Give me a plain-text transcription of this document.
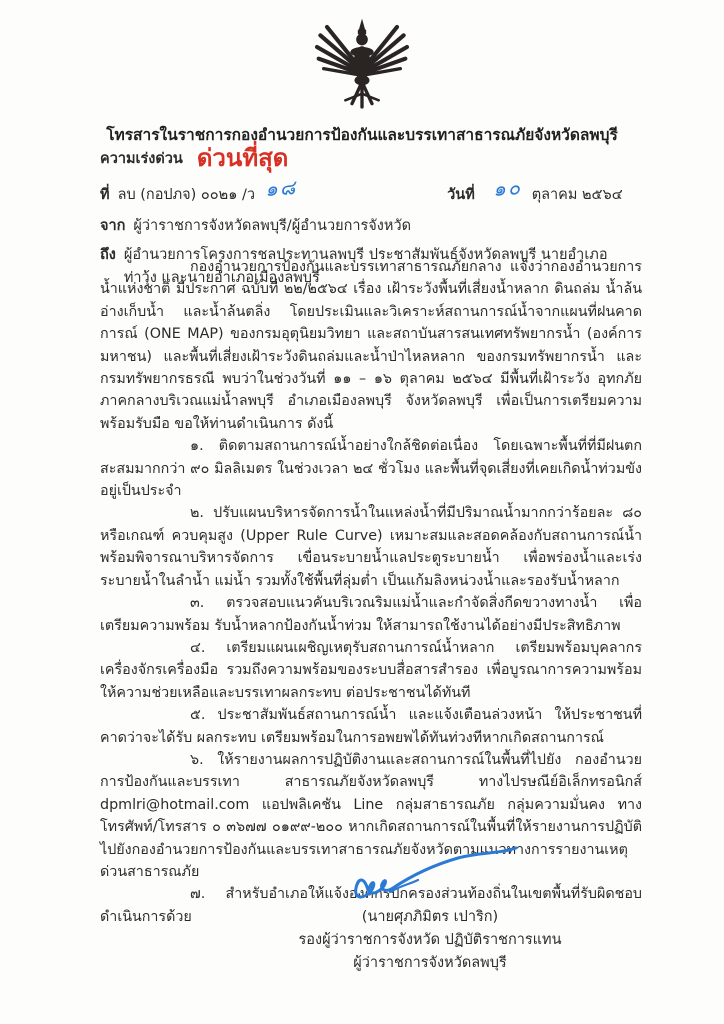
โทรสารในราชการกองอำนวยการป้องกันและบรรเทาสาธารณภัยจังหวัดลพบุรี
ความเร่งด่วน ด่วนที่สุด
ที่ ลบ (กอปภจ) ๐๐๒๑ /ว ๑๘	วันที่ ๑๐ ตุลาคม ๒๕๖๔
จาก ผู้ว่าราชการจังหวัดลพบุรี/ผู้อำนวยการจังหวัด
ถึง ผู้อำนวยการโครงการชลประทานลพบุรี ประชาสัมพันธ์จังหวัดลพบุรี นายอำเภอท่าวุ้ง และนายอำเภอเมืองลพบุรี

กองอำนวยการป้องกันและบรรเทาสาธารณภัยกลาง แจ้งว่ากองอำนวยการน้ำแห่งชาติ มีประกาศ ฉบับที่ ๒๒/๒๕๖๔ เรื่อง เฝ้าระวังพื้นที่เสี่ยงน้ำหลาก ดินถล่ม น้ำล้นอ่างเก็บน้ำ และน้ำล้นตลิ่ง โดยประเมินและวิเคราะห์สถานการณ์น้ำจากแผนที่ฝนคาดการณ์ (ONE MAP) ของกรมอุตุนิยมวิทยา และสถาบันสารสนเทศทรัพยากรน้ำ (องค์การมหาชน) และพื้นที่เสี่ยงเฝ้าระวังดินถล่มและน้ำป่าไหลหลาก ของกรมทรัพยากรน้ำ และกรมทรัพยากรธรณี พบว่าในช่วงวันที่ ๑๑ – ๑๖ ตุลาคม ๒๕๖๔ มีพื้นที่เฝ้าระวัง อุทกภัย ภาคกลางบริเวณแม่น้ำลพบุรี อำเภอเมืองลพบุรี จังหวัดลพบุรี เพื่อเป็นการเตรียมความพร้อมรับมือ ขอให้ท่านดำเนินการ ดังนี้

๑. ติดตามสถานการณ์น้ำอย่างใกล้ชิดต่อเนื่อง โดยเฉพาะพื้นที่ที่มีฝนตกสะสมมากกว่า ๙๐ มิลลิเมตร ในช่วงเวลา ๒๔ ชั่วโมง และพื้นที่จุดเสี่ยงที่เคยเกิดน้ำท่วมขังอยู่เป็นประจำ

๒. ปรับแผนบริหารจัดการน้ำในแหล่งน้ำที่มีปริมาณน้ำมากกว่าร้อยละ ๘๐ หรือเกณฑ์ ควบคุมสูง (Upper Rule Curve) เหมาะสมและสอดคล้องกับสถานการณ์น้ำ พร้อมพิจารณาบริหารจัดการ เขื่อนระบายน้ำแลประตูระบายน้ำ เพื่อพร่องน้ำและเร่งระบายน้ำในลำน้ำ แม่น้ำ รวมทั้งใช้พื้นที่ลุ่มต่ำ เป็นแก้มลิงหน่วงน้ำและรองรับน้ำหลาก

๓. ตรวจสอบแนวคันบริเวณริมแม่น้ำและกำจัดสิ่งกีดขวางทางน้ำ เพื่อเตรียมความพร้อม รับน้ำหลากป้องกันน้ำท่วม ให้สามารถใช้งานได้อย่างมีประสิทธิภาพ

๔. เตรียมแผนเผชิญเหตุรับสถานการณ์น้ำหลาก เตรียมพร้อมบุคลากร เครื่องจักรเครื่องมือ รวมถึงความพร้อมของระบบสื่อสารสำรอง เพื่อบูรณาการความพร้อมให้ความช่วยเหลือและบรรเทาผลกระทบ ต่อประชาชนได้ทันที

๕. ประชาสัมพันธ์สถานการณ์น้ำ และแจ้งเตือนล่วงหน้า ให้ประชาชนที่คาดว่าจะได้รับ ผลกระทบ เตรียมพร้อมในการอพยพได้ทันท่วงทีหากเกิดสถานการณ์

๖. ให้รายงานผลการปฏิบัติงานและสถานการณ์ในพื้นที่ไปยัง กองอำนวยการป้องกันและบรรเทา สาธารณภัยจังหวัดลพบุรี ทางไปรษณีย์อิเล็กทรอนิกส์ dpmlri@hotmail.com แอปพลิเคชัน Line กลุ่มสาธารณภัย กลุ่มความมั่นคง ทางโทรศัพท์/โทรสาร ๐ ๓๖๗๗ ๐๑๙๙-๒๐๐ หากเกิดสถานการณ์ในพื้นที่ให้รายงานการปฏิบัติ ไปยังกองอำนวยการป้องกันและบรรเทาสาธารณภัยจังหวัดตามแนวทางการรายงานเหตุด่วนสาธารณภัย

๗. สำหรับอำเภอให้แจ้งองค์กรปกครองส่วนท้องถิ่นในเขตพื้นที่รับผิดชอบดำเนินการด้วย	(นายศุภภิมิตร เปาริก)
รองผู้ว่าราชการจังหวัด ปฏิบัติราชการแทน
ผู้ว่าราชการจังหวัดลพบุรี
